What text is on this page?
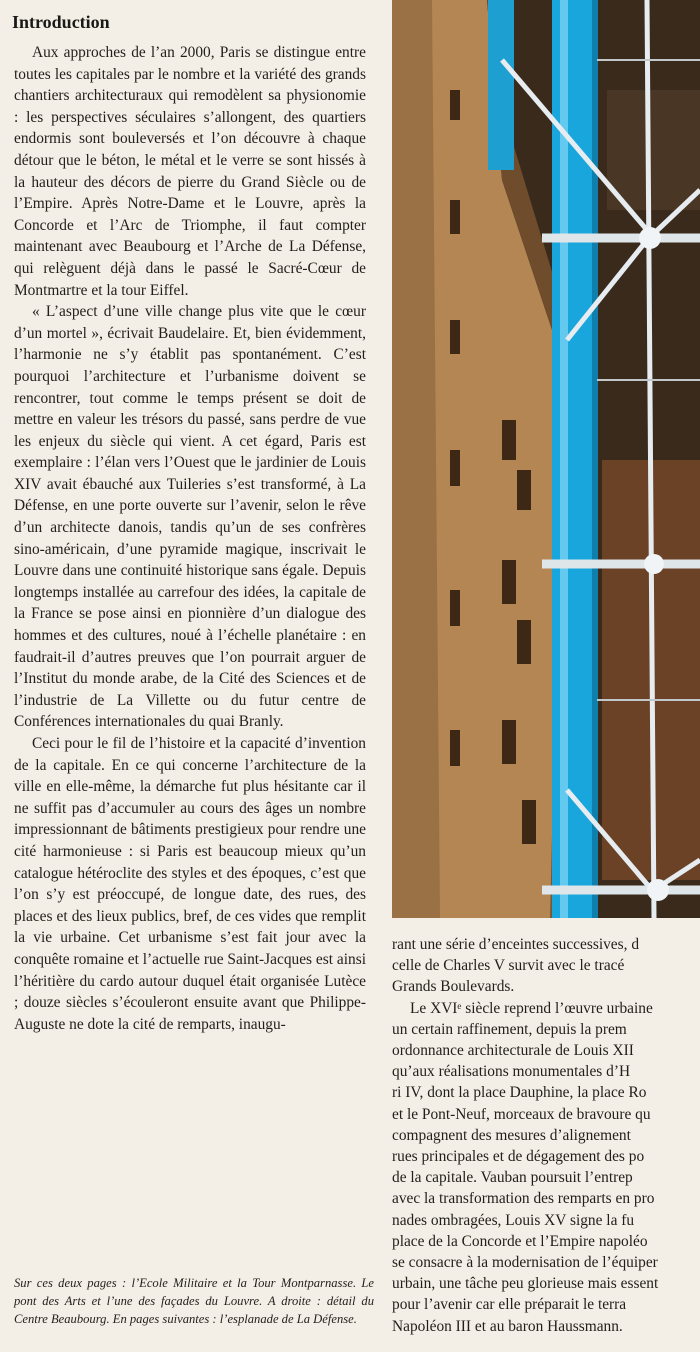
Introduction

Aux approches de l’an 2000, Paris se distingue entre toutes les capitales par le nombre et la variété des grands chantiers architecturaux qui remodèlent sa physionomie : les perspectives séculaires s’allongent, des quartiers endormis sont bouleversés et l’on découvre à chaque détour que le béton, le métal et le verre se sont hissés à la hauteur des décors de pierre du Grand Siècle ou de l’Empire. Après Notre-Dame et le Louvre, après la Concorde et l’Arc de Triomphe, il faut compter maintenant avec Beaubourg et l’Arche de La Défense, qui relèguent déjà dans le passé le Sacré-Cœur de Montmartre et la tour Eiffel.

« L’aspect d’une ville change plus vite que le cœur d’un mortel », écrivait Baudelaire. Et, bien évidemment, l’harmonie ne s’y établit pas spontanément. C’est pourquoi l’architecture et l’urbanisme doivent se rencontrer, tout comme le temps présent se doit de mettre en valeur les trésors du passé, sans perdre de vue les enjeux du siècle qui vient. A cet égard, Paris est exemplaire : l’élan vers l’Ouest que le jardinier de Louis XIV avait ébauché aux Tuileries s’est transformé, à La Défense, en une porte ouverte sur l’avenir, selon le rêve d’un architecte danois, tandis qu’un de ses confrères sino-américain, d’une pyramide magique, inscrivait le Louvre dans une continuité historique sans égale. Depuis longtemps installée au carrefour des idées, la capitale de la France se pose ainsi en pionnière d’un dialogue des hommes et des cultures, noué à l’échelle planétaire : en faudrait-il d’autres preuves que l’on pourrait arguer de l’Institut du monde arabe, de la Cité des Sciences et de l’industrie de La Villette ou du futur centre de Conférences internationales du quai Branly.

Ceci pour le fil de l’histoire et la capacité d’invention de la capitale. En ce qui concerne l’architecture de la ville en elle-même, la démarche fut plus hésitante car il ne suffit pas d’accumuler au cours des âges un nombre impressionnant de bâtiments prestigieux pour rendre une cité harmonieuse : si Paris est beaucoup mieux qu’un catalogue hétéroclite des styles et des époques, c’est que l’on s’y est préoccupé, de longue date, des rues, des places et des lieux publics, bref, de ces vides que remplit la vie urbaine. Cet urbanisme s’est fait jour avec la conquête romaine et l’actuelle rue Saint-Jacques est ainsi l’héritière du cardo autour duquel était organisée Lutèce ; douze siècles s’écouleront ensuite avant que Philippe-Auguste ne dote la cité de remparts, inaugu-

Sur ces deux pages : l’Ecole Militaire et la Tour Montparnasse. Le pont des Arts et l’une des façades du Louvre. A droite : détail du Centre Beaubourg. En pages suivantes : l’esplanade de La Défense.
rant une série d’enceintes successives, d
celle de Charles V survit avec le tracé
Grands Boulevards.
Le XVIᵉ siècle reprend l’œuvre urbaine
un certain raffinement, depuis la prem
ordonnance architecturale de Louis XII
qu’aux réalisations monumentales d’H
ri IV, dont la place Dauphine, la place Ro
et le Pont-Neuf, morceaux de bravoure qu
compagnent des mesures d’alignement
rues principales et de dégagement des po
de la capitale. Vauban poursuit l’entrep
avec la transformation des remparts en pro
nades ombragées, Louis XV signe la fu
place de la Concorde et l’Empire napoléo
se consacre à la modernisation de l’équiper
urbain, une tâche peu glorieuse mais essent
pour l’avenir car elle préparait le terra
Napoléon III et au baron Haussmann.
